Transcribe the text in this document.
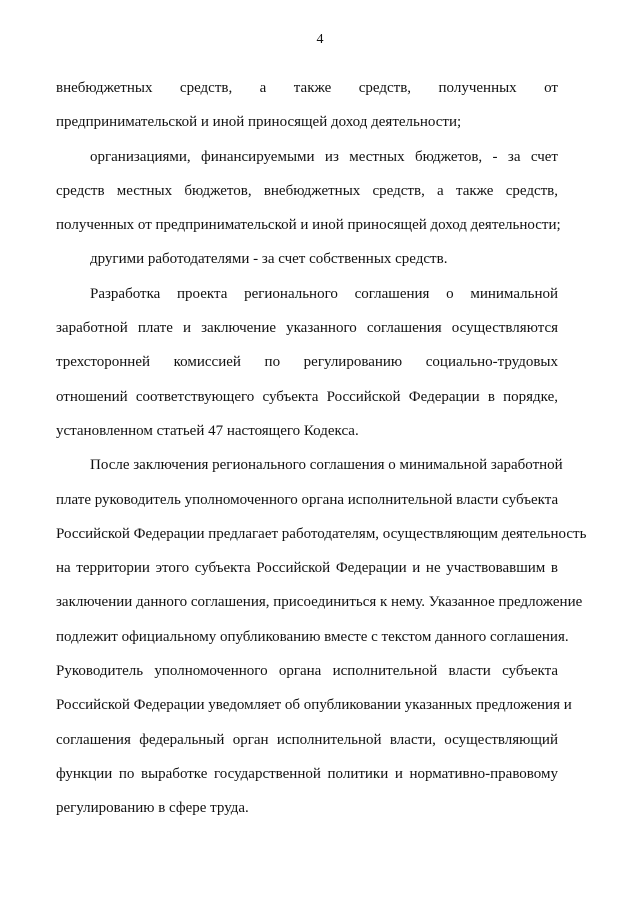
4
внебюджетных средств, а также средств, полученных от
предпринимательской и иной приносящей доход деятельности;
организациями, финансируемыми из местных бюджетов, - за счет
средств местных бюджетов, внебюджетных средств, а также средств,
полученных от предпринимательской и иной приносящей доход деятельности;
другими работодателями - за счет собственных средств.
Разработка проекта регионального соглашения о минимальной
заработной плате и заключение указанного соглашения осуществляются
трехсторонней комиссией по регулированию социально-трудовых
отношений соответствующего субъекта Российской Федерации в порядке,
установленном статьей 47 настоящего Кодекса.
После заключения регионального соглашения о минимальной заработной
плате руководитель уполномоченного органа исполнительной власти субъекта
Российской Федерации предлагает работодателям, осуществляющим деятельность
на территории этого субъекта Российской Федерации и не участвовавшим в
заключении данного соглашения, присоединиться к нему. Указанное предложение
подлежит официальному опубликованию вместе с текстом данного соглашения.
Руководитель уполномоченного органа исполнительной власти субъекта
Российской Федерации уведомляет об опубликовании указанных предложения и
соглашения федеральный орган исполнительной власти, осуществляющий
функции по выработке государственной политики и нормативно-правовому
регулированию в сфере труда.
